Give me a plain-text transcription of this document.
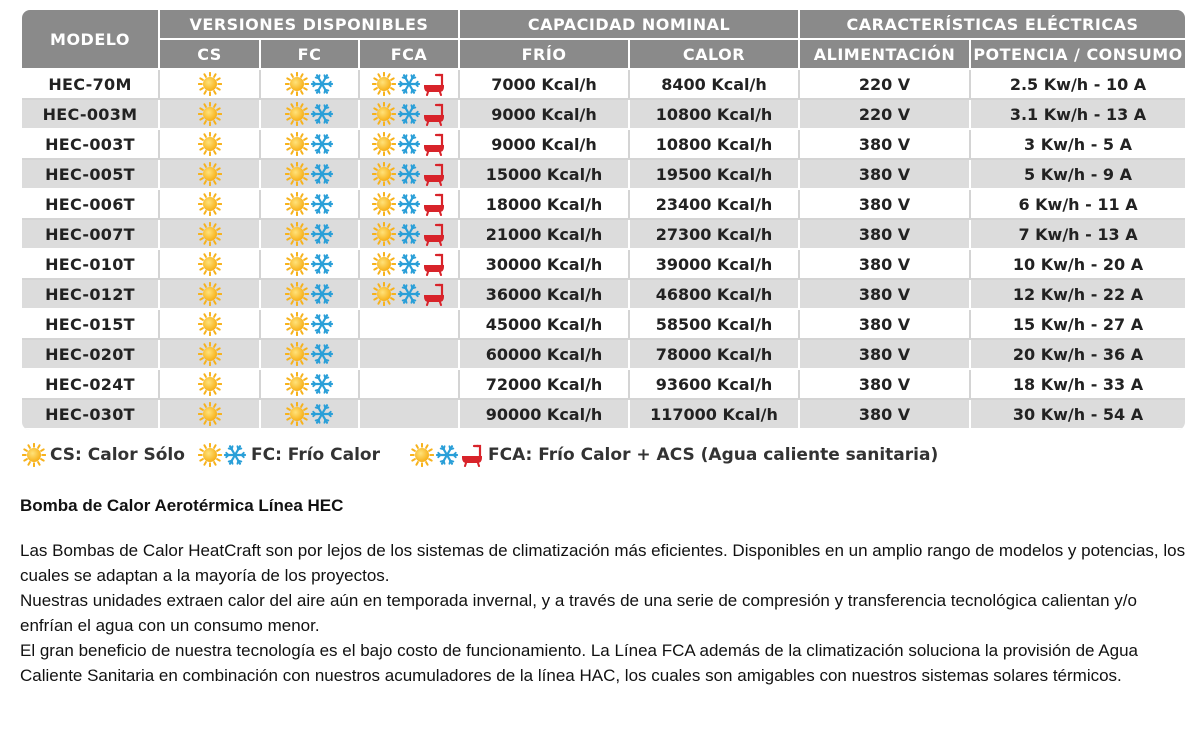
MODELO	VERSIONES DISPONIBLES			CAPACIDAD NOMINAL		CARACTERÍSTICAS ELÉCTRICAS	
	CS	FC	FCA	FRÍO	CALOR	ALIMENTACIÓN	POTENCIA / CONSUMO
HEC-70M				7000 Kcal/h	8400 Kcal/h	220 V	2.5 Kw/h - 10 A
HEC-003M				9000 Kcal/h	10800 Kcal/h	220 V	3.1 Kw/h - 13 A
HEC-003T				9000 Kcal/h	10800 Kcal/h	380 V	3 Kw/h - 5 A
HEC-005T				15000 Kcal/h	19500 Kcal/h	380 V	5 Kw/h - 9 A
HEC-006T				18000 Kcal/h	23400 Kcal/h	380 V	6 Kw/h - 11 A
HEC-007T				21000 Kcal/h	27300 Kcal/h	380 V	7 Kw/h - 13 A
HEC-010T				30000 Kcal/h	39000 Kcal/h	380 V	10 Kw/h - 20 A
HEC-012T				36000 Kcal/h	46800 Kcal/h	380 V	12 Kw/h - 22 A
HEC-015T				45000 Kcal/h	58500 Kcal/h	380 V	15 Kw/h - 27 A
HEC-020T				60000 Kcal/h	78000 Kcal/h	380 V	20 Kw/h - 36 A
HEC-024T				72000 Kcal/h	93600 Kcal/h	380 V	18 Kw/h - 33 A
HEC-030T				90000 Kcal/h	117000 Kcal/h	380 V	30 Kw/h - 54 A
CS: Calor Sólo	FC: Frío Calor	FCA: Frío Calor + ACS (Agua caliente sanitaria)
Bomba de Calor Aerotérmica Línea HEC

Las Bombas de Calor HeatCraft son por lejos de los sistemas de climatización más eficientes. Disponibles en un amplio rango de modelos y potencias, los cuales se adaptan a la mayoría de los proyectos.

Nuestras unidades extraen calor del aire aún en temporada invernal, y a través de una serie de compresión y transferencia tecnológica calientan y/o enfrían el agua con un consumo menor.

El gran beneficio de nuestra tecnología es el bajo costo de funcionamiento. La Línea FCA además de la climatización soluciona la provisión de Agua Caliente Sanitaria en combinación con nuestros acumuladores de la línea HAC, los cuales son amigables con nuestros sistemas solares térmicos.
